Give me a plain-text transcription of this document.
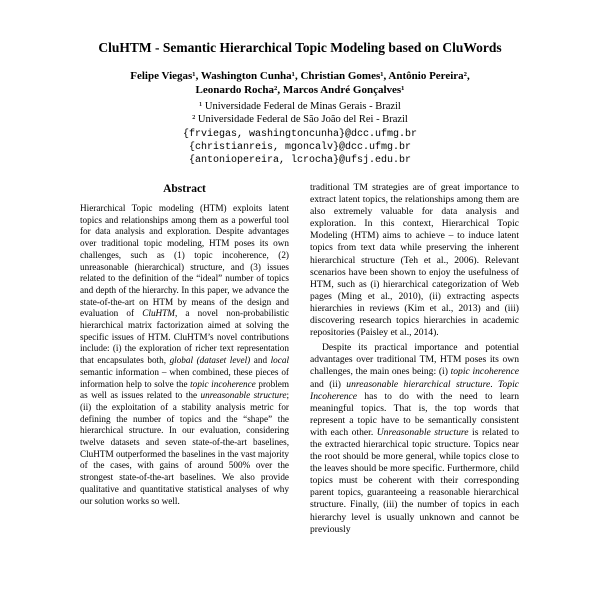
CluHTM - Semantic Hierarchical Topic Modeling based on CluWords
Felipe Viegas¹, Washington Cunha¹, Christian Gomes¹, Antônio Pereira²,
Leonardo Rocha², Marcos André Gonçalves¹
¹ Universidade Federal de Minas Gerais - Brazil
² Universidade Federal de São João del Rei - Brazil
{frviegas, washingtoncunha}@dcc.ufmg.br
{christianreis, mgoncalv}@dcc.ufmg.br
{antoniopereira, lcrocha}@ufsj.edu.br
Abstract

Hierarchical Topic modeling (HTM) exploits latent topics and relationships among them as a powerful tool for data analysis and exploration. Despite advantages over traditional topic modeling, HTM poses its own challenges, such as (1) topic incoherence, (2) unreasonable (hierarchical) structure, and (3) issues related to the definition of the “ideal” number of topics and depth of the hierarchy. In this paper, we advance the state-of-the-art on HTM by means of the design and evaluation of CluHTM, a novel non-probabilistic hierarchical matrix factorization aimed at solving the specific issues of HTM. CluHTM’s novel contributions include: (i) the exploration of richer text representation that encapsulates both, global (dataset level) and local semantic information – when combined, these pieces of information help to solve the topic incoherence problem as well as issues related to the unreasonable structure; (ii) the exploitation of a stability analysis metric for defining the number of topics and the “shape” the hierarchical structure. In our evaluation, considering twelve datasets and seven state-of-the-art baselines, CluHTM outperformed the baselines in the vast majority of the cases, with gains of around 500% over the strongest state-of-the-art baselines. We also provide qualitative and quantitative statistical analyses of why our solution works so well.

traditional TM strategies are of great importance to extract latent topics, the relationships among them are also extremely valuable for data analysis and exploration. In this context, Hierarchical Topic Modeling (HTM) aims to achieve – to induce latent topics from text data while preserving the inherent hierarchical structure (Teh et al., 2006). Relevant scenarios have been shown to enjoy the usefulness of HTM, such as (i) hierarchical categorization of Web pages (Ming et al., 2010), (ii) extracting aspects hierarchies in reviews (Kim et al., 2013) and (iii) discovering research topics hierarchies in academic repositories (Paisley et al., 2014).

Despite its practical importance and potential advantages over traditional TM, HTM poses its own challenges, the main ones being: (i) topic incoherence and (ii) unreasonable hierarchical structure. Topic Incoherence has to do with the need to learn meaningful topics. That is, the top words that represent a topic have to be semantically consistent with each other. Unreasonable structure is related to the extracted hierarchical topic structure. Topics near the root should be more general, while topics close to the leaves should be more specific. Furthermore, child topics must be coherent with their corresponding parent topics, guaranteeing a reasonable hierarchical structure. Finally, (iii) the number of topics in each hierarchy level is usually unknown and cannot be previously
